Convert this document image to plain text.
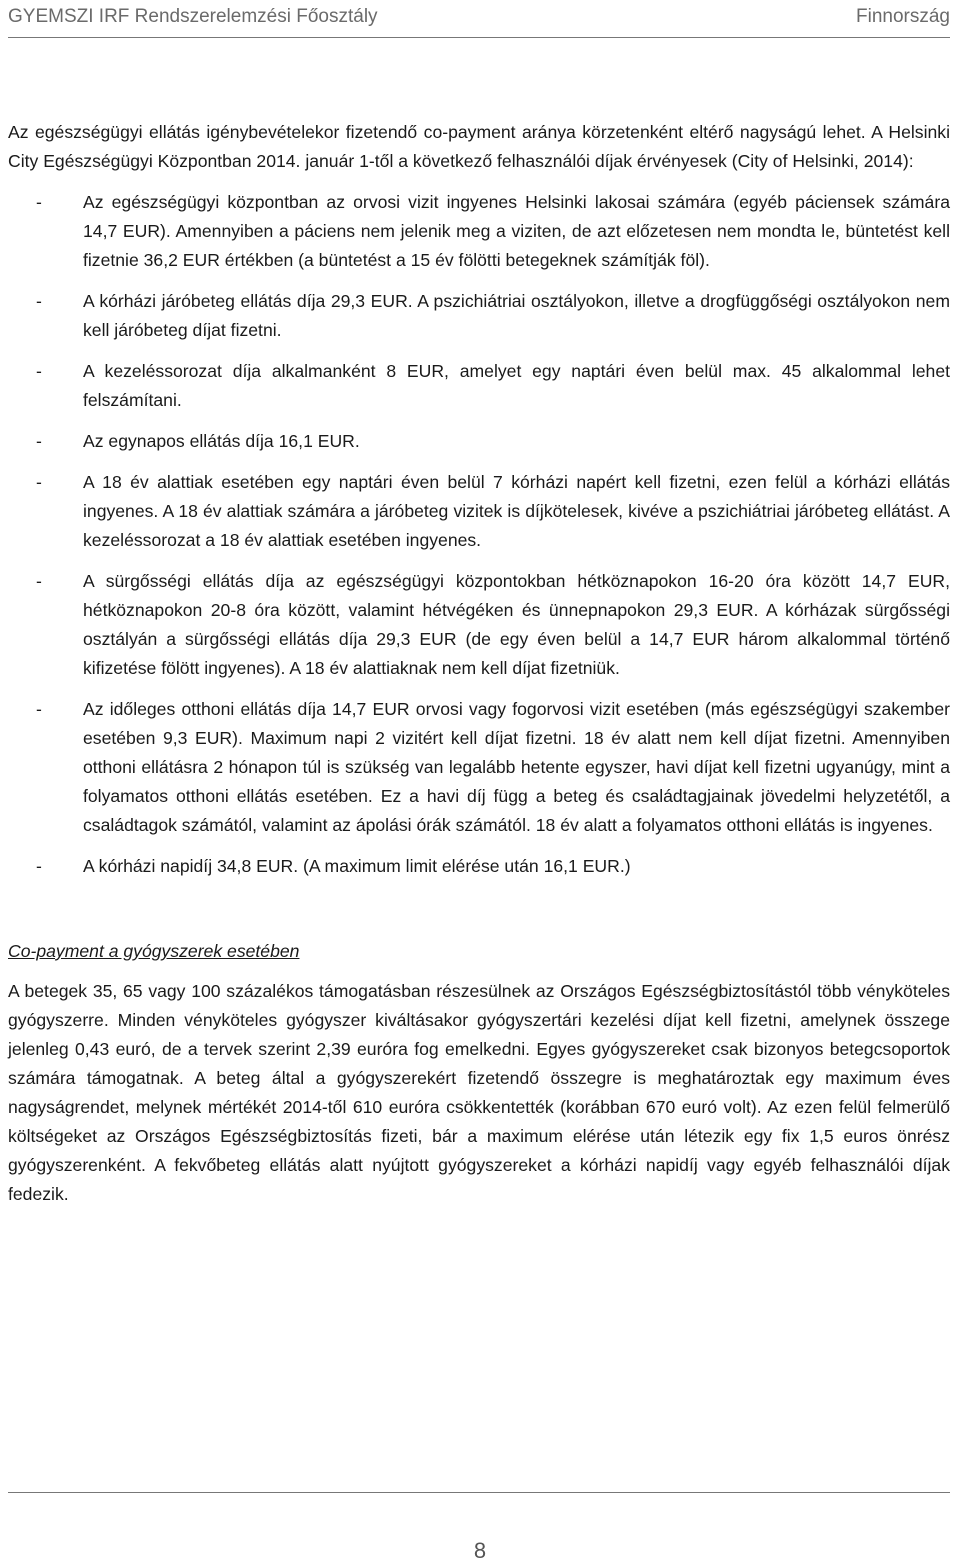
GYEMSZI IRF Rendszerelemzési Főosztály	Finnország

Az egészségügyi ellátás igénybevételekor fizetendő co-payment aránya körzetenként eltérő nagyságú lehet. A Helsinki City Egészségügyi Központban 2014. január 1-től a következő felhasználói díjak érvényesek (City of Helsinki, 2014):

- Az egészségügyi központban az orvosi vizit ingyenes Helsinki lakosai számára (egyéb páciensek számára 14,7 EUR). Amennyiben a páciens nem jelenik meg a viziten, de azt előzetesen nem mondta le, büntetést kell fizetnie 36,2 EUR értékben (a büntetést a 15 év fölötti betegeknek számítják föl).
- A kórházi járóbeteg ellátás díja 29,3 EUR. A pszichiátriai osztályokon, illetve a drogfüggőségi osztályokon nem kell járóbeteg díjat fizetni.
- A kezeléssorozat díja alkalmanként 8 EUR, amelyet egy naptári éven belül max. 45 alkalommal lehet felszámítani.
- Az egynapos ellátás díja 16,1 EUR.
- A 18 év alattiak esetében egy naptári éven belül 7 kórházi napért kell fizetni, ezen felül a kórházi ellátás ingyenes. A 18 év alattiak számára a járóbeteg vizitek is díjkötelesek, kivéve a pszichiátriai járóbeteg ellátást. A kezeléssorozat a 18 év alattiak esetében ingyenes.
- A sürgősségi ellátás díja az egészségügyi központokban hétköznapokon 16-20 óra között 14,7 EUR, hétköznapokon 20-8 óra között, valamint hétvégéken és ünnepnapokon 29,3 EUR. A kórházak sürgősségi osztályán a sürgősségi ellátás díja 29,3 EUR (de egy éven belül a 14,7 EUR három alkalommal történő kifizetése fölött ingyenes). A 18 év alattiaknak nem kell díjat fizetniük.
- Az időleges otthoni ellátás díja 14,7 EUR orvosi vagy fogorvosi vizit esetében (más egészségügyi szakember esetében 9,3 EUR). Maximum napi 2 vizitért kell díjat fizetni. 18 év alatt nem kell díjat fizetni. Amennyiben otthoni ellátásra 2 hónapon túl is szükség van legalább hetente egyszer, havi díjat kell fizetni ugyanúgy, mint a folyamatos otthoni ellátás esetében. Ez a havi díj függ a beteg és családtagjainak jövedelmi helyzetétől, a családtagok számától, valamint az ápolási órák számától. 18 év alatt a folyamatos otthoni ellátás is ingyenes.
- A kórházi napidíj 34,8 EUR. (A maximum limit elérése után 16,1 EUR.)

Co-payment a gyógyszerek esetében

A betegek 35, 65 vagy 100 százalékos támogatásban részesülnek az Országos Egészségbiztosítástól több vényköteles gyógyszerre. Minden vényköteles gyógyszer kiváltásakor gyógyszertári kezelési díjat kell fizetni, amelynek összege jelenleg 0,43 euró, de a tervek szerint 2,39 euróra fog emelkedni. Egyes gyógyszereket csak bizonyos betegcsoportok számára támogatnak. A beteg által a gyógyszerekért fizetendő összegre is meghatároztak egy maximum éves nagyságrendet, melynek mértékét 2014-től 610 euróra csökkentették (korábban 670 euró volt). Az ezen felül felmerülő költségeket az Országos Egészségbiztosítás fizeti, bár a maximum elérése után létezik egy fix 1,5 euros önrész gyógyszerenként. A fekvőbeteg ellátás alatt nyújtott gyógyszereket a kórházi napidíj vagy egyéb felhasználói díjak fedezik.

8
